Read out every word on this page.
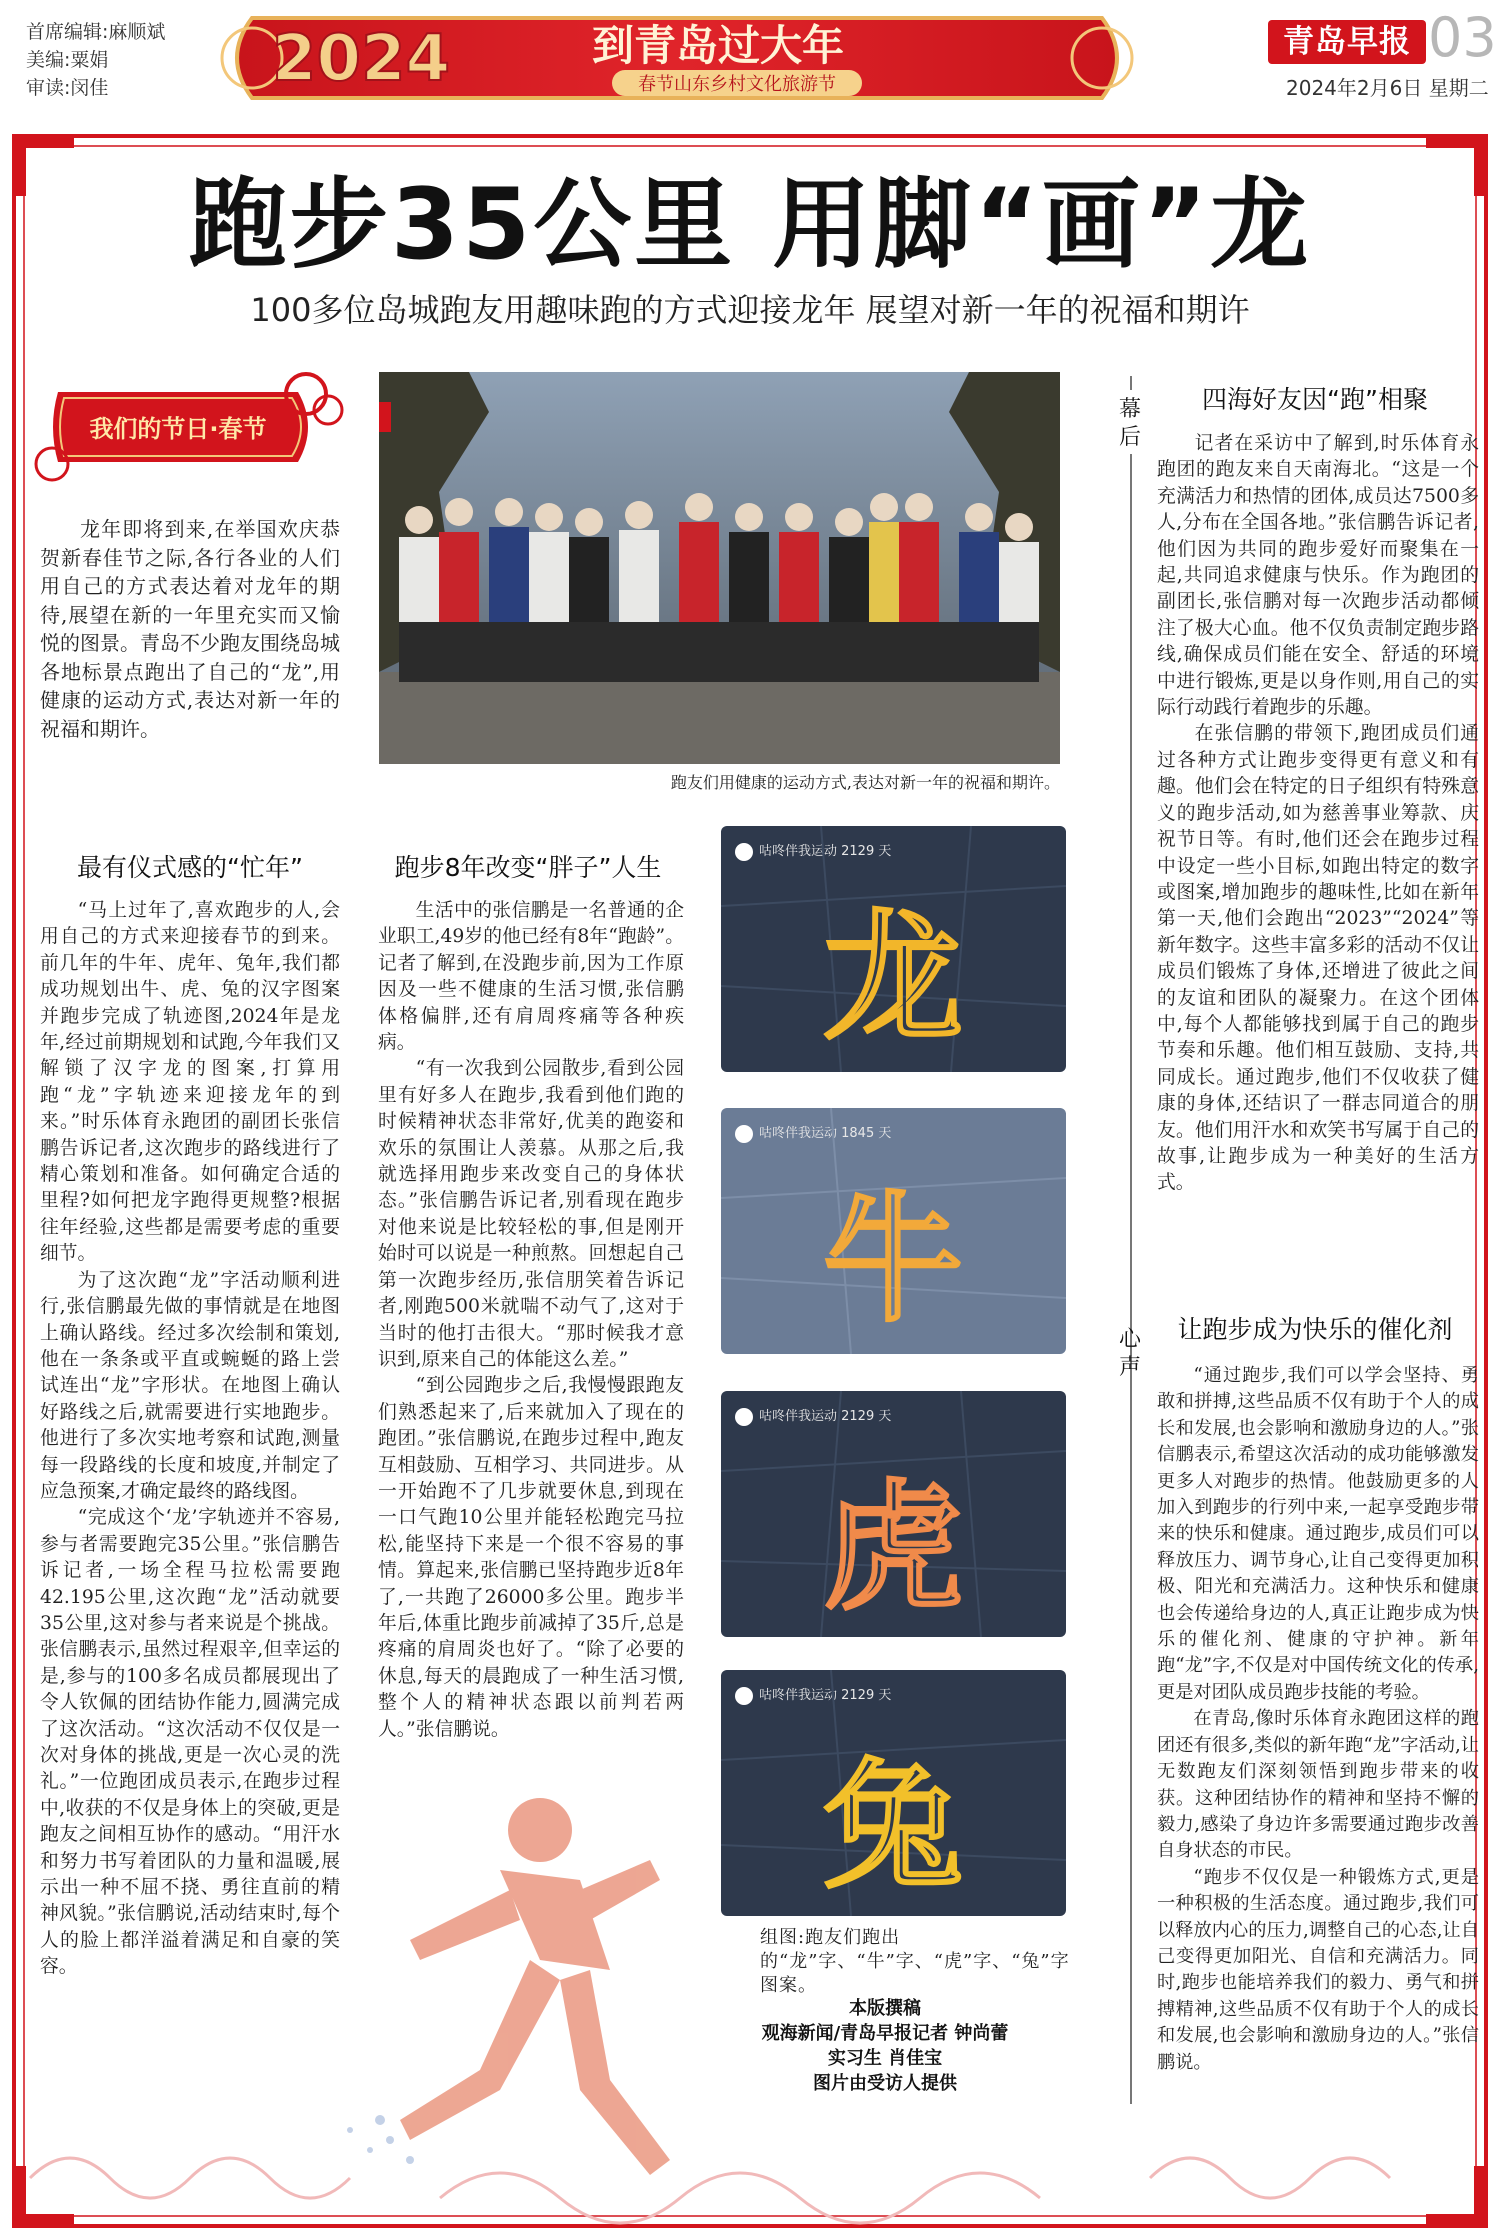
首席编辑:麻顺斌
美编:粟娟
审读:闵佳	2024	到青岛过大年
春节山东乡村文化旅游节
青岛早报 03
2024年2月6日 星期二
跑步35公里 用脚“画”龙
100多位岛城跑友用趣味跑的方式迎接龙年 展望对新一年的祝福和期许
我们的节日·春节

龙年即将到来,在举国欢庆恭贺新春佳节之际,各行各业的人们用自己的方式表达着对龙年的期待,展望在新的一年里充实而又愉悦的图景。青岛不少跑友围绕岛城各地标景点跑出了自己的“龙”,用健康的运动方式,表达对新一年的祝福和期许。

跑友们用健康的运动方式,表达对新一年的祝福和期许。
最有仪式感的“忙年”

“马上过年了,喜欢跑步的人,会用自己的方式来迎接春节的到来。前几年的牛年、虎年、兔年,我们都成功规划出牛、虎、兔的汉字图案并跑步完成了轨迹图,2024年是龙年,经过前期规划和试跑,今年我们又解锁了汉字龙的图案,打算用跑“龙”字轨迹来迎接龙年的到来。”时乐体育永跑团的副团长张信鹏告诉记者,这次跑步的路线进行了精心策划和准备。如何确定合适的里程?如何把龙字跑得更规整?根据往年经验,这些都是需要考虑的重要细节。

为了这次跑“龙”字活动顺利进行,张信鹏最先做的事情就是在地图上确认路线。经过多次绘制和策划,他在一条条或平直或蜿蜒的路上尝试连出“龙”字形状。在地图上确认好路线之后,就需要进行实地跑步。他进行了多次实地考察和试跑,测量每一段路线的长度和坡度,并制定了应急预案,才确定最终的路线图。

“完成这个‘龙’字轨迹并不容易,参与者需要跑完35公里。”张信鹏告诉记者,一场全程马拉松需要跑42.195公里,这次跑“龙”活动就要35公里,这对参与者来说是个挑战。张信鹏表示,虽然过程艰辛,但幸运的是,参与的100多名成员都展现出了令人钦佩的团结协作能力,圆满完成了这次活动。“这次活动不仅仅是一次对身体的挑战,更是一次心灵的洗礼。”一位跑团成员表示,在跑步过程中,收获的不仅是身体上的突破,更是跑友之间相互协作的感动。“用汗水和努力书写着团队的力量和温暖,展示出一种不屈不挠、勇往直前的精神风貌。”张信鹏说,活动结束时,每个人的脸上都洋溢着满足和自豪的笑容。

跑步8年改变“胖子”人生

生活中的张信鹏是一名普通的企业职工,49岁的他已经有8年“跑龄”。记者了解到,在没跑步前,因为工作原因及一些不健康的生活习惯,张信鹏体格偏胖,还有肩周疼痛等各种疾病。

“有一次我到公园散步,看到公园里有好多人在跑步,我看到他们跑的时候精神状态非常好,优美的跑姿和欢乐的氛围让人羡慕。从那之后,我就选择用跑步来改变自己的身体状态。”张信鹏告诉记者,别看现在跑步对他来说是比较轻松的事,但是刚开始时可以说是一种煎熬。回想起自己第一次跑步经历,张信朋笑着告诉记者,刚跑500米就喘不动气了,这对于当时的他打击很大。“那时候我才意识到,原来自己的体能这么差。”

“到公园跑步之后,我慢慢跟跑友们熟悉起来了,后来就加入了现在的跑团。”张信鹏说,在跑步过程中,跑友互相鼓励、互相学习、共同进步。从一开始跑不了几步就要休息,到现在一口气跑10公里并能轻松跑完马拉松,能坚持下来是一个很不容易的事情。算起来,张信鹏已坚持跑步近8年了,一共跑了26000多公里。跑步半年后,体重比跑步前减掉了35斤,总是疼痛的肩周炎也好了。“除了必要的休息,每天的晨跑成了一种生活习惯,整个人的精神状态跟以前判若两人。”张信鹏说。

咕咚伴我运动 2129 天
龙
咕咚伴我运动 1845 天
牛
咕咚伴我运动 2129 天
虎
咕咚伴我运动 2129 天
兔
组图:跑友们跑出的“龙”字、“牛”字、“虎”字、“兔”字图案。
本版撰稿
观海新闻/青岛早报记者 钟尚蕾
实习生 肖佳宝
图片由受访人提供
幕后
心声
四海好友因“跑”相聚

记者在采访中了解到,时乐体育永跑团的跑友来自天南海北。“这是一个充满活力和热情的团体,成员达7500多人,分布在全国各地。”张信鹏告诉记者,他们因为共同的跑步爱好而聚集在一起,共同追求健康与快乐。作为跑团的副团长,张信鹏对每一次跑步活动都倾注了极大心血。他不仅负责制定跑步路线,确保成员们能在安全、舒适的环境中进行锻炼,更是以身作则,用自己的实际行动践行着跑步的乐趣。

在张信鹏的带领下,跑团成员们通过各种方式让跑步变得更有意义和有趣。他们会在特定的日子组织有特殊意义的跑步活动,如为慈善事业筹款、庆祝节日等。有时,他们还会在跑步过程中设定一些小目标,如跑出特定的数字或图案,增加跑步的趣味性,比如在新年第一天,他们会跑出“2023”“2024”等新年数字。这些丰富多彩的活动不仅让成员们锻炼了身体,还增进了彼此之间的友谊和团队的凝聚力。在这个团体中,每个人都能够找到属于自己的跑步节奏和乐趣。他们相互鼓励、支持,共同成长。通过跑步,他们不仅收获了健康的身体,还结识了一群志同道合的朋友。他们用汗水和欢笑书写属于自己的故事,让跑步成为一种美好的生活方式。

让跑步成为快乐的催化剂

“通过跑步,我们可以学会坚持、勇敢和拼搏,这些品质不仅有助于个人的成长和发展,也会影响和激励身边的人。”张信鹏表示,希望这次活动的成功能够激发更多人对跑步的热情。他鼓励更多的人加入到跑步的行列中来,一起享受跑步带来的快乐和健康。通过跑步,成员们可以释放压力、调节身心,让自己变得更加积极、阳光和充满活力。这种快乐和健康也会传递给身边的人,真正让跑步成为快乐的催化剂、健康的守护神。新年跑“龙”字,不仅是对中国传统文化的传承,更是对团队成员跑步技能的考验。

在青岛,像时乐体育永跑团这样的跑团还有很多,类似的新年跑“龙”字活动,让无数跑友们深刻领悟到跑步带来的收获。这种团结协作的精神和坚持不懈的毅力,感染了身边许多需要通过跑步改善自身状态的市民。

“跑步不仅仅是一种锻炼方式,更是一种积极的生活态度。通过跑步,我们可以释放内心的压力,调整自己的心态,让自己变得更加阳光、自信和充满活力。同时,跑步也能培养我们的毅力、勇气和拼搏精神,这些品质不仅有助于个人的成长和发展,也会影响和激励身边的人。”张信鹏说。
